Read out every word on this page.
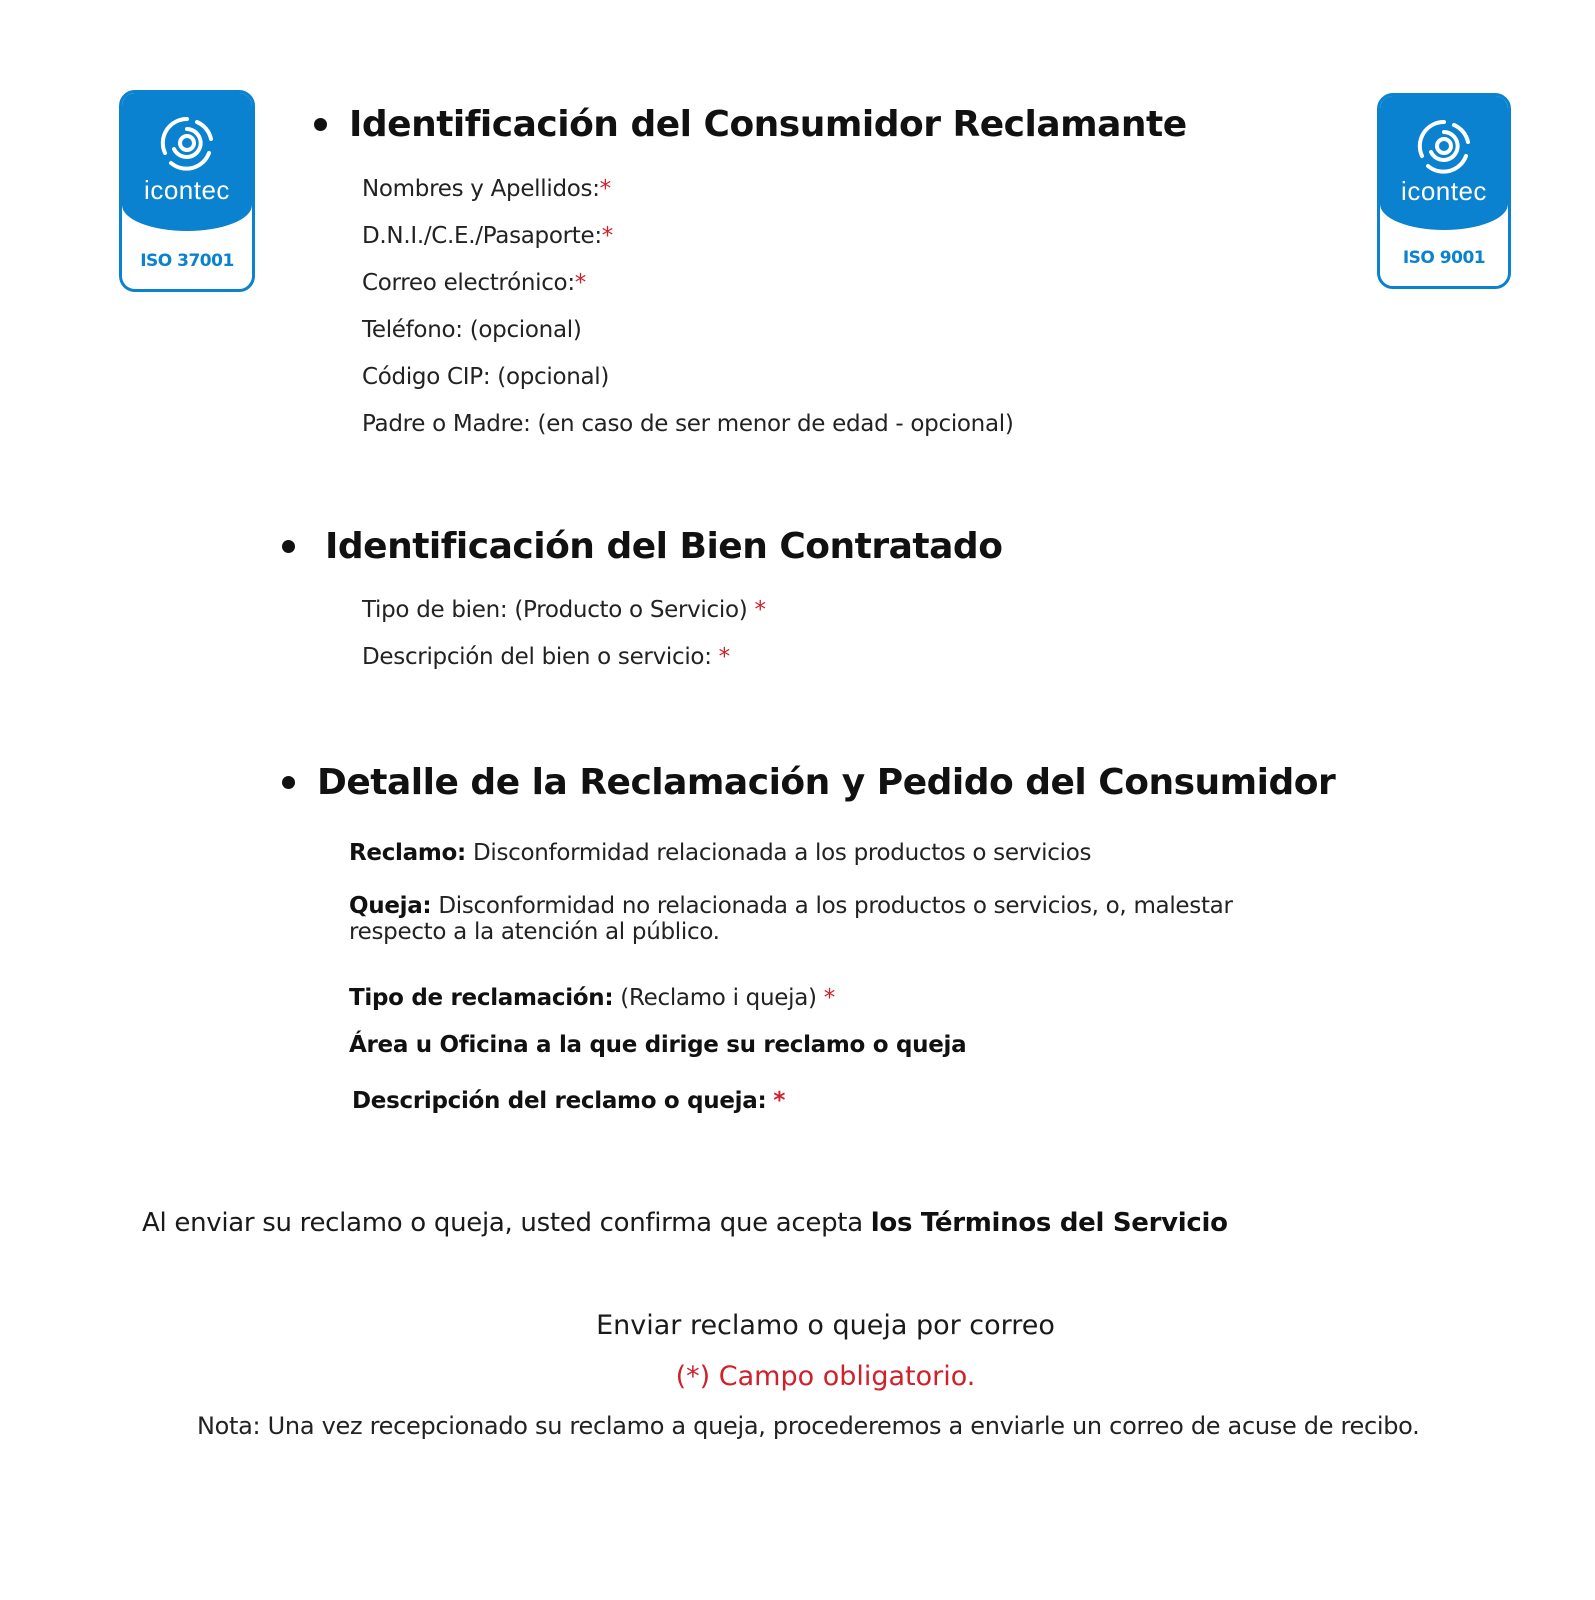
icontec
ISO 37001
icontec
ISO 9001
Identificación del Consumidor Reclamante
Nombres y Apellidos:*
D.N.I./C.E./Pasaporte:*
Correo electrónico:*
Teléfono: (opcional)
Código CIP: (opcional)
Padre o Madre: (en caso de ser menor de edad - opcional)
Identificación del Bien Contratado
Tipo de bien: (Producto o Servicio) *
Descripción del bien o servicio: *
Detalle de la Reclamación y Pedido del Consumidor
Reclamo: Disconformidad relacionada a los productos o servicios
Queja: Disconformidad no relacionada a los productos o servicios, o, malestar respecto a la atención al público.
Tipo de reclamación: (Reclamo i queja) *
Área u Oficina a la que dirige su reclamo o queja
Descripción del reclamo o queja: *
Al enviar su reclamo o queja, usted confirma que acepta los Términos del Servicio
Enviar reclamo o queja por correo
(*) Campo obligatorio.
Nota: Una vez recepcionado su reclamo a queja, procederemos a enviarle un correo de acuse de recibo.
